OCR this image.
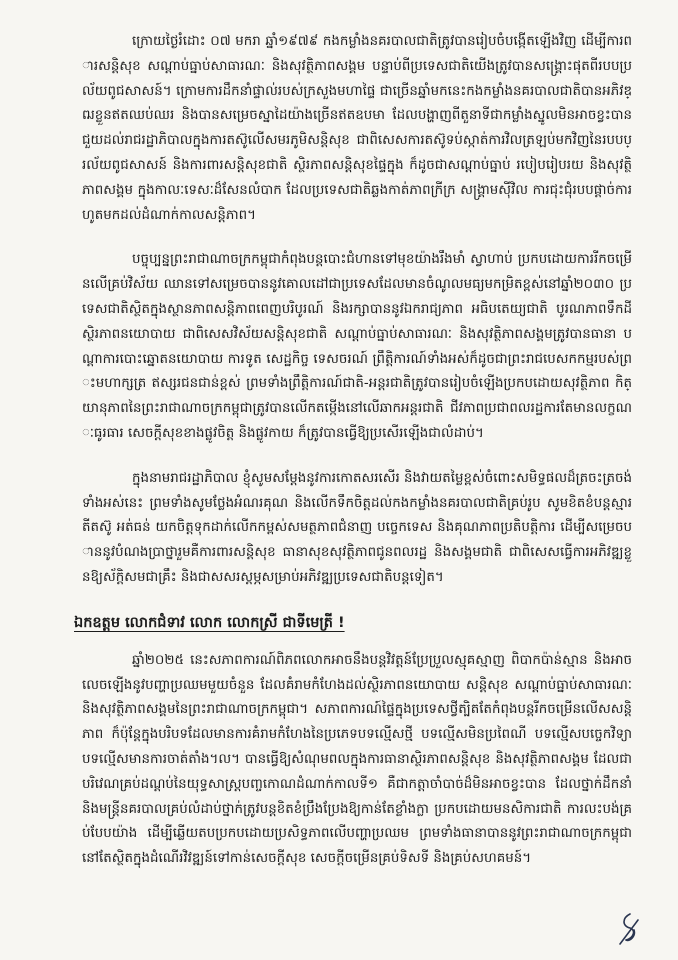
ក្រោយថ្ងៃរំដោះ ០៧ មករា ឆ្នាំ១៩៧៩ កងកម្លាំងនគរបាលជាតិត្រូវបានរៀបចំបង្កើតឡើងវិញ ដើម្បីការពារសន្តិសុខ សណ្តាប់ធ្នាប់សាធារណៈ និងសុវត្ថិភាពសង្គម បន្ទាប់ពីប្រទេសជាតិយើងត្រូវបានសង្គ្រោះផុតពីរបបប្រល័យពូជសាសន៍។ ក្រោមការដឹកនាំផ្ទាល់របស់ក្រសួងមហាផ្ទៃ ជាច្រើនឆ្នាំមកនេះកងកម្លាំងនគរបាលជាតិបានអភិវឌ្ឍខ្លួនឥតឈប់ឈរ និងបានសម្រេចស្នាដៃយ៉ាងច្រើនឥតឧបមា ដែលបង្ហាញពីតួនាទីជាកម្លាំងស្នូលមិនអាចខ្វះបាន ជួយដល់រាជរដ្ឋាភិបាលក្នុងការតស៊ូលើសមរភូមិសន្តិសុខ ជាពិសេសការតស៊ូទប់ស្កាត់ការវិលត្រឡប់មកវិញនៃរបបប្រល័យពូជសាសន៍ និងការពារសន្តិសុខជាតិ ស្ថិរភាពសន្តិសុខផ្ទៃក្នុង ក៏ដូចជាសណ្តាប់ធ្នាប់ របៀបរៀបរយ និងសុវត្ថិភាពសង្គម ក្នុងកាលៈទេសៈដ៏សែនលំបាក ដែលប្រទេសជាតិឆ្លងកាត់ភាពក្រីក្រ សង្គ្រាមស៊ីវិល ការជុះជុំរបបផ្តាច់ការ ហូតមកដល់ដំណាក់កាលសន្តិភាព។

បច្ចុប្បន្នព្រះរាជាណាចក្រកម្ពុជាកំពុងបន្តបោះជំហានទៅមុខយ៉ាងរឹងមាំ ស្វាហាប់ ប្រកបដោយការរីកចម្រើនលើគ្រប់វិស័យ ឈានទៅសម្រេចបាននូវគោលដៅជាប្រទេសដែលមានចំណូលមធ្យមកម្រិតខ្ពស់នៅឆ្នាំ២០៣០ ប្រទេសជាតិស្ថិតក្នុងស្ថានភាពសន្តិភាពពេញបរិបូរណ៍ និងរក្សាបាននូវឯករាជ្យភាព អធិបតេយ្យជាតិ បូរណភាពទឹកដី ស្ថិរភាពនយោបាយ ជាពិសេសវិស័យសន្តិសុខជាតិ សណ្តាប់ធ្នាប់សាធារណៈ និងសុវត្ថិភាពសង្គមត្រូវបានធានា បណ្តាការបោះឆ្នោតនយោបាយ ការទូត សេដ្ឋកិច្ច ទេសចរណ៍ ព្រឹត្តិការណ៍ទាំងអស់ក៏ដូចជាព្រះរាជបេសកកម្មរបស់ព្រះមហាក្សត្រ ឥស្សរជនជាន់ខ្ពស់ ព្រមទាំងព្រឹត្តិការណ៍ជាតិ-អន្តរជាតិត្រូវបានរៀបចំឡើងប្រកបដោយសុវត្ថិភាព កិត្យានុភាពនៃព្រះរាជាណាចក្រកម្ពុជាត្រូវបានលើកតម្កើងនៅលើឆាកអន្តរជាតិ ជីវភាពប្រជាពលរដ្ឋការតែមានលក្ខណៈធូរធារ សេចក្តីសុខខាងផ្លូវចិត្ត និងផ្លូវកាយ ក៏ត្រូវបានធ្វើឱ្យប្រសើរឡើងជាលំដាប់។

ក្នុងនាមរាជរដ្ឋាភិបាល ខ្ញុំសូមសម្តែងនូវការកោតសរសើរ និងវាយតម្លៃខ្ពស់ចំពោះសមិទ្ធផលដ៏ត្រចះត្រចង់ទាំងអស់នេះ ព្រមទាំងសូមថ្លែងអំណរគុណ និងលើកទឹកចិត្តដល់កងកម្លាំងនគរបាលជាតិគ្រប់រូប សូមខិតខំបន្តស្មារតីតស៊ូ អត់ធន់ យកចិត្តទុកដាក់លើកកម្ពស់សមត្ថភាពជំនាញ បច្ចេកទេស និងគុណភាពប្រតិបត្តិការ ដើម្បីសម្រេចបាននូវបំណងប្រាថ្នារួមគឺការពារសន្តិសុខ ធានាសុខសុវត្ថិភាពជូនពលរដ្ឋ និងសង្គមជាតិ ជាពិសេសធ្វើការអភិវឌ្ឍខ្លួនឱ្យស័ក្តិសមជាគ្រឹះ និងជាសសរស្តម្ភសម្រាប់អភិវឌ្ឍប្រទេសជាតិបន្តទៀត។

ឯកឧត្តម លោកជំទាវ លោក លោកស្រី ជាទីមេត្រី !

ឆ្នាំ២០២៥ នេះសភាពការណ៍ពិភពលោកអាចនឹងបន្តវិវត្តន៍ប្រែប្រួលស្មុគស្មាញ ពិបាកប៉ាន់ស្មាន និងអាចលេចឡើងនូវបញ្ហាប្រឈមមួយចំនួន ដែលគំរាមកំហែងដល់ស្ថិរភាពនយោបាយ សន្តិសុខ សណ្តាប់ធ្នាប់សាធារណៈ និងសុវត្ថិភាពសង្គមនៃព្រះរាជាណាចក្រកម្ពុជា។ សភាពការណ៍ផ្ទៃក្នុងប្រទេសថ្វីត្បិតតែកំពុងបន្តរីកចម្រើនលើសសន្តិភាព ក៏ប៉ុន្តែក្នុងបរិបទដែលមានការគំរាមកំហែងនៃប្រភេទបទល្មើសថ្មី បទល្មើសមិនប្រពៃណី បទល្មើសបច្ចេកវិទ្យា បទល្មើសមានការចាត់តាំង។ល។ បានធ្វើឱ្យសំណុមពលក្នុងការធានាស្ថិរភាពសន្តិសុខ និងសុវត្ថិភាពសង្គម ដែលជាបរិវេណគ្រប់ដណ្តប់នៃយុទ្ធសាស្ត្របញ្ចកោណដំណាក់កាលទី១ គឺជាកត្តាចាំបាច់ដ៏មិនអាចខ្វះបាន ដែលថ្នាក់ដឹកនាំ និងមន្ត្រីនគរបាលគ្រប់លំដាប់ថ្នាក់ត្រូវបន្តខិតខំប្រឹងប្រែងឱ្យកាន់តែខ្លាំងក្លា ប្រកបដោយមនសិការជាតិ ការលះបង់គ្រប់បែបយ៉ាង ដើម្បីឆ្លើយតបប្រកបដោយប្រសិទ្ធភាពលើបញ្ហាប្រឈម ព្រមទាំងធានាបាននូវព្រះរាជាណាចក្រកម្ពុជា នៅតែស្ថិតក្នុងដំណើរវិវឌ្ឍន៍ទៅកាន់សេចក្តីសុខ សេចក្តីចម្រើនគ្រប់ទិសទី និងគ្រប់សហគមន៍។
